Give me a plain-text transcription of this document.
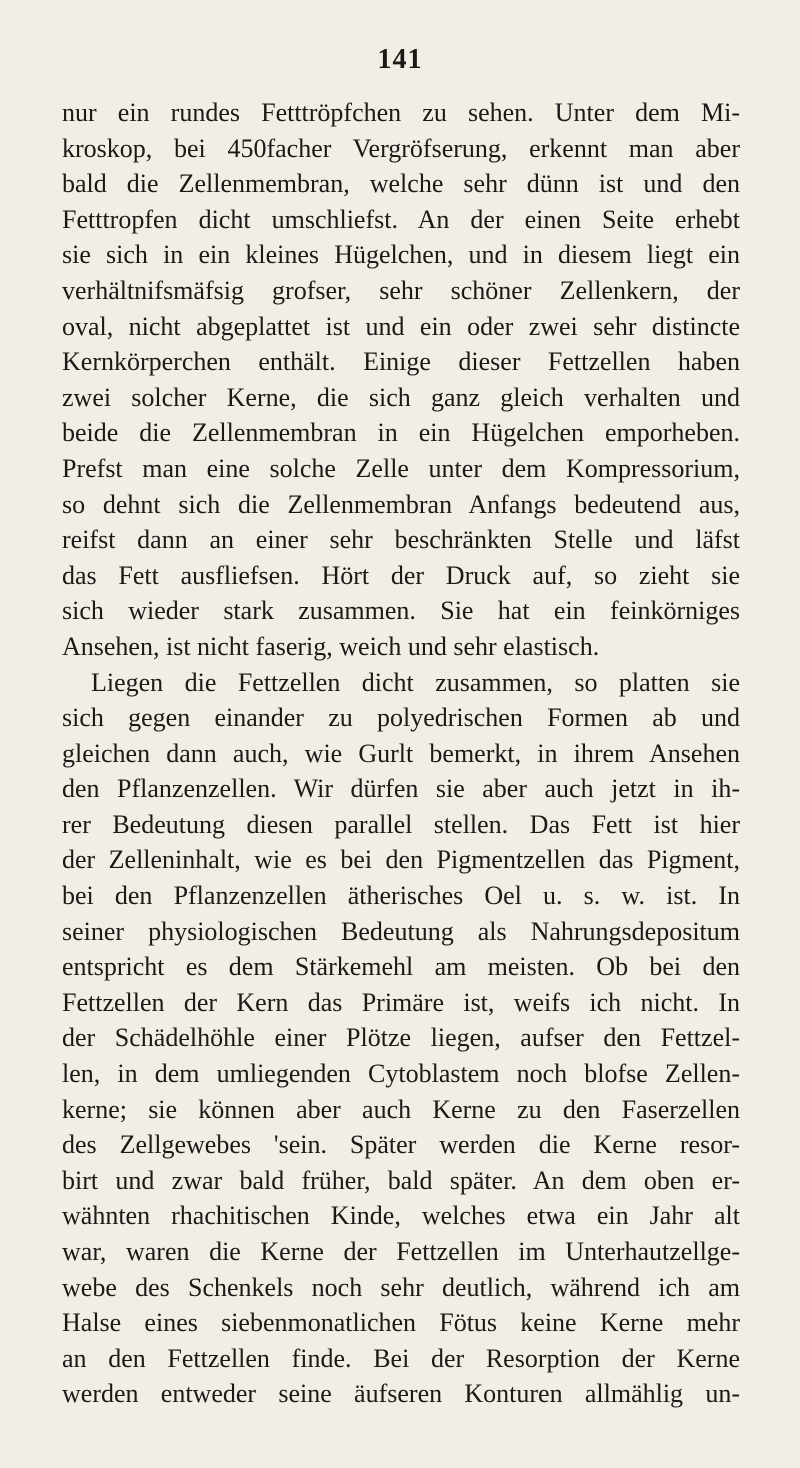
141
nur ein rundes Fetttröpfchen zu sehen. Unter dem Mi-
kroskop, bei 450facher Vergröfserung, erkennt man aber
bald die Zellenmembran, welche sehr dünn ist und den
Fetttropfen dicht umschliefst. An der einen Seite erhebt
sie sich in ein kleines Hügelchen, und in diesem liegt ein
verhältnifsmäfsig grofser, sehr schöner Zellenkern, der
oval, nicht abgeplattet ist und ein oder zwei sehr distincte
Kernkörperchen enthält. Einige dieser Fettzellen haben
zwei solcher Kerne, die sich ganz gleich verhalten und
beide die Zellenmembran in ein Hügelchen emporheben.
Prefst man eine solche Zelle unter dem Kompressorium,
so dehnt sich die Zellenmembran Anfangs bedeutend aus,
reifst dann an einer sehr beschränkten Stelle und läfst
das Fett ausfliefsen. Hört der Druck auf, so zieht sie
sich wieder stark zusammen. Sie hat ein feinkörniges
Ansehen, ist nicht faserig, weich und sehr elastisch.
Liegen die Fettzellen dicht zusammen, so platten sie
sich gegen einander zu polyedrischen Formen ab und
gleichen dann auch, wie Gurlt bemerkt, in ihrem Ansehen
den Pflanzenzellen. Wir dürfen sie aber auch jetzt in ih-
rer Bedeutung diesen parallel stellen. Das Fett ist hier
der Zelleninhalt, wie es bei den Pigmentzellen das Pigment,
bei den Pflanzenzellen ätherisches Oel u. s. w. ist. In
seiner physiologischen Bedeutung als Nahrungsdepositum
entspricht es dem Stärkemehl am meisten. Ob bei den
Fettzellen der Kern das Primäre ist, weifs ich nicht. In
der Schädelhöhle einer Plötze liegen, aufser den Fettzel-
len, in dem umliegenden Cytoblastem noch blofse Zellen-
kerne; sie können aber auch Kerne zu den Faserzellen
des Zellgewebes 'sein. Später werden die Kerne resor-
birt und zwar bald früher, bald später. An dem oben er-
wähnten rhachitischen Kinde, welches etwa ein Jahr alt
war, waren die Kerne der Fettzellen im Unterhautzellge-
webe des Schenkels noch sehr deutlich, während ich am
Halse eines siebenmonatlichen Fötus keine Kerne mehr
an den Fettzellen finde. Bei der Resorption der Kerne
werden entweder seine äufseren Konturen allmählig un-
